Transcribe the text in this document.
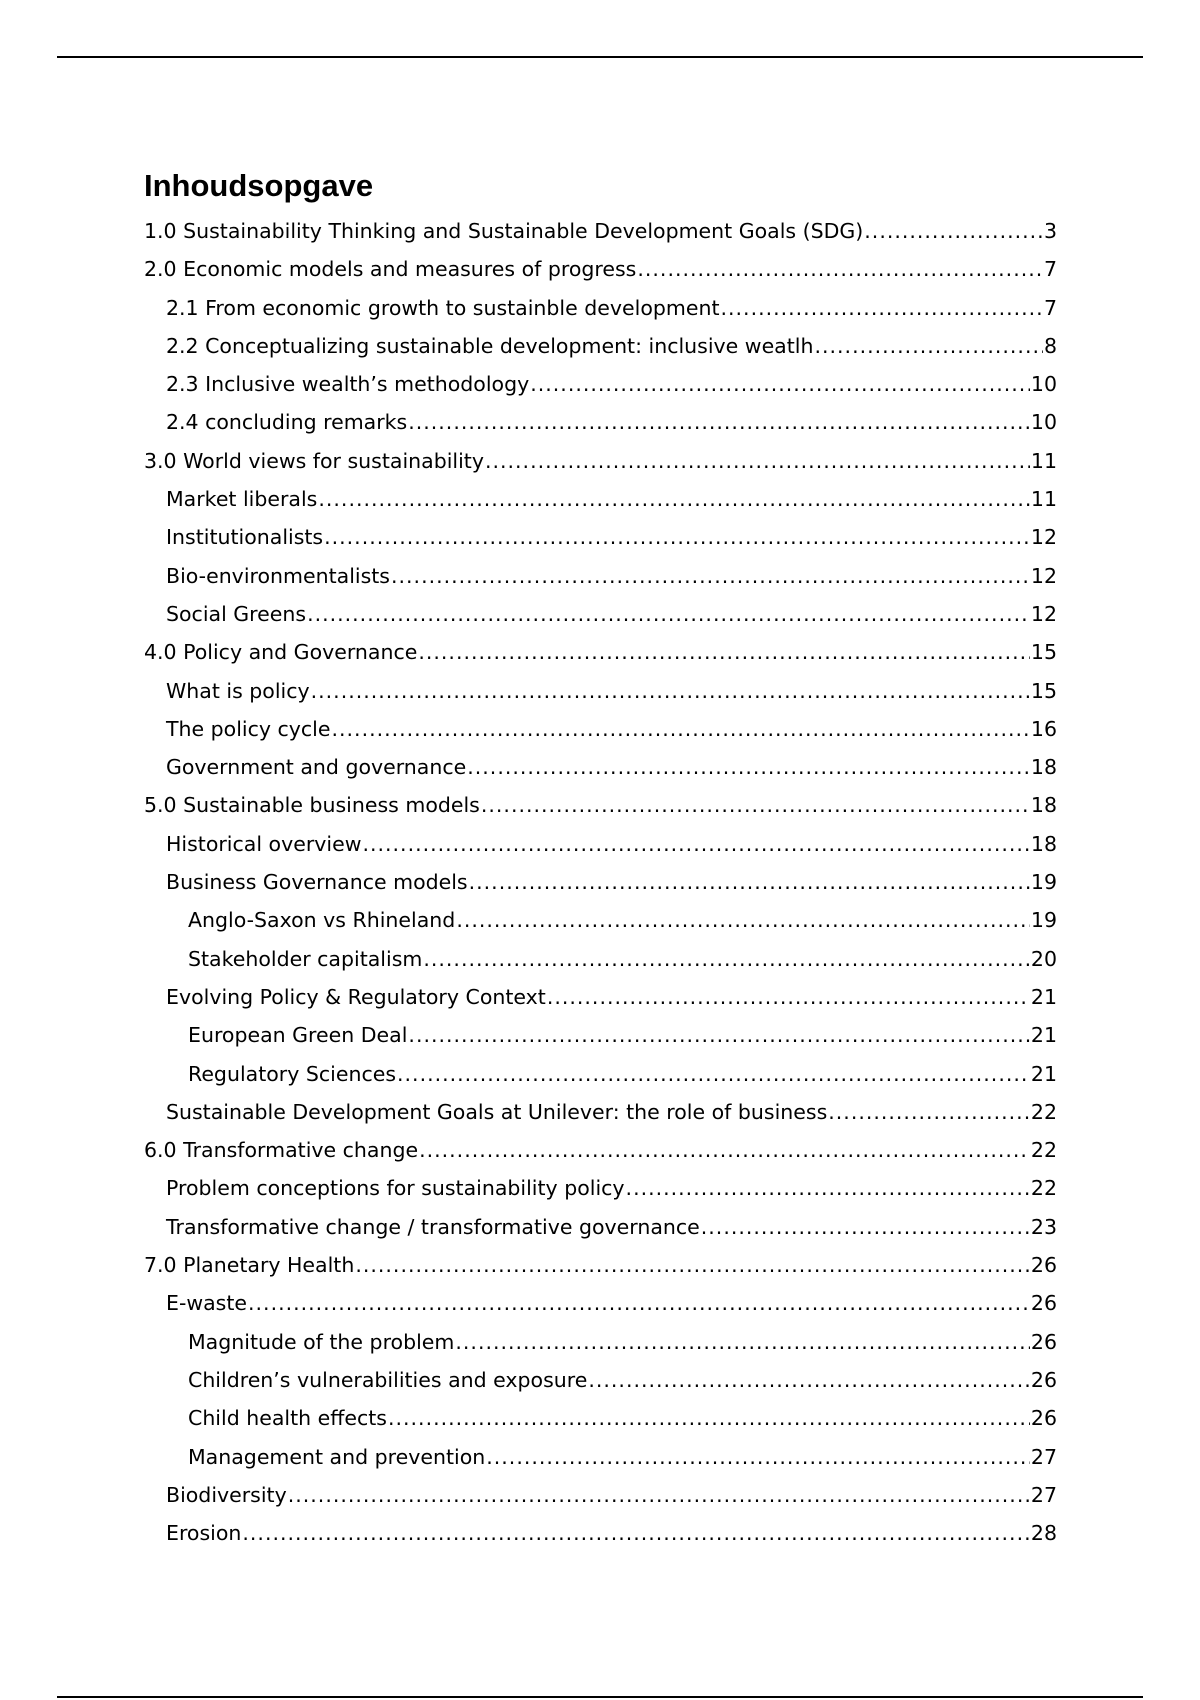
Inhoudsopgave
1.0 Sustainability Thinking and Sustainable Development Goals (SDG) .....	3
2.0 Economic models and measures of progress .....	7
2.1 From economic growth to sustainble development .....	7
2.2 Conceptualizing sustainable development: inclusive weatlh .....	8
2.3 Inclusive wealth’s methodology .....	10
2.4 concluding remarks .....	10
3.0 World views for sustainability .....	11
Market liberals .....	11
Institutionalists .....	12
Bio-environmentalists .....	12
Social Greens .....	12
4.0 Policy and Governance .....	15
What is policy .....	15
The policy cycle .....	16
Government and governance .....	18
5.0 Sustainable business models .....	18
Historical overview .....	18
Business Governance models .....	19
Anglo-Saxon vs Rhineland .....	19
Stakeholder capitalism .....	20
Evolving Policy & Regulatory Context .....	21
European Green Deal .....	21
Regulatory Sciences .....	21
Sustainable Development Goals at Unilever: the role of business .....	22
6.0 Transformative change .....	22
Problem conceptions for sustainability policy .....	22
Transformative change / transformative governance .....	23
7.0 Planetary Health .....	26
E-waste .....	26
Magnitude of the problem .....	26
Children’s vulnerabilities and exposure .....	26
Child health effects .....	26
Management and prevention .....	27
Biodiversity .....	27
Erosion .....	28
